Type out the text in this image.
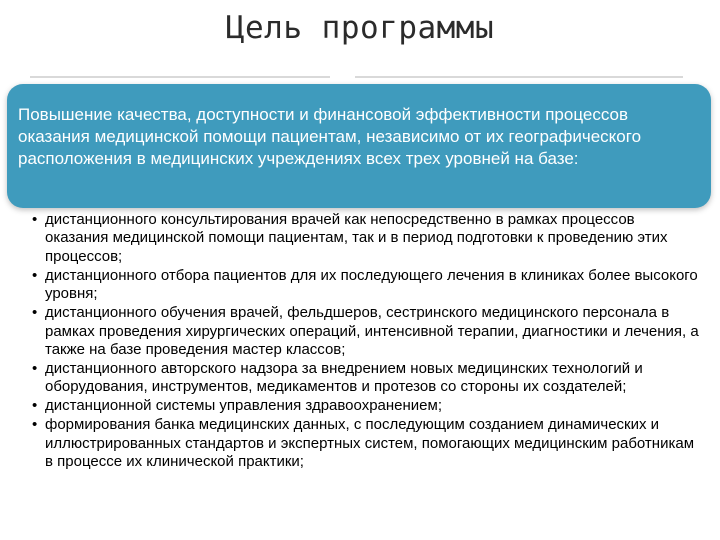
Цель программы
Повышение качества, доступности и финансовой эффективности процессов оказания медицинской помощи пациентам, независимо от их географического расположения в медицинских учреждениях всех трех уровней на базе:
• дистанционного консультирования врачей как непосредственно в рамках процессов оказания медицинской помощи пациентам, так и в период подготовки к проведению этих процессов;
• дистанционного отбора пациентов для их последующего лечения в клиниках более высокого уровня;
• дистанционного обучения врачей, фельдшеров, сестринского медицинского персонала в рамках проведения хирургических операций, интенсивной терапии, диагностики и лечения, а также на базе проведения мастер классов;
• дистанционного авторского надзора за внедрением новых медицинских технологий и оборудования, инструментов, медикаментов и протезов со стороны их создателей;
• дистанционной системы управления здравоохранением;
• формирования банка медицинских данных, с последующим созданием динамических и иллюстрированных стандартов и экспертных систем, помогающих медицинским работникам в процессе их клинической практики;
